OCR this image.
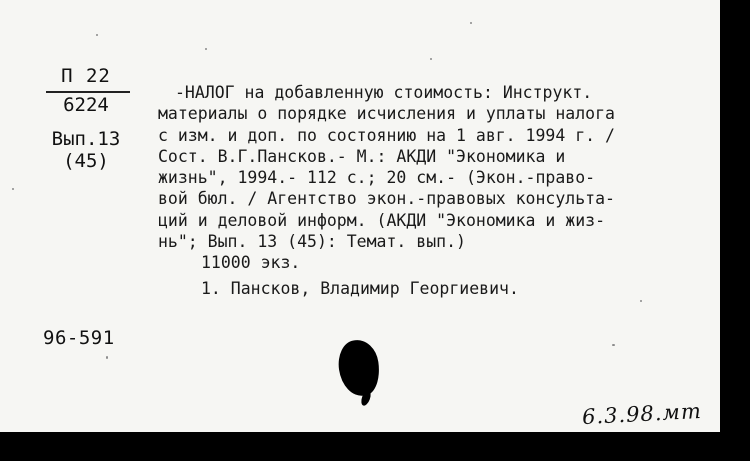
П 22
6224
Вып.13
(45)
-НАЛОГ на добавленную стоимость: Инструкт.
материалы о порядке исчисления и уплаты налога
с изм. и доп. по состоянию на 1 авг. 1994 г. /
Сост. В.Г.Пансков.- М.: АКДИ "Экономика и
жизнь", 1994.- 112 с.; 20 см.- (Экон.-право-
вой бюл. / Агентство экон.-правовых консульта-
ций и деловой информ. (АКДИ "Экономика и жиз-
нь"; Вып. 13 (45): Темат. вып.)
11000 экз.
1. Пансков, Владимир Георгиевич.
96-591
6.3.98.мт
